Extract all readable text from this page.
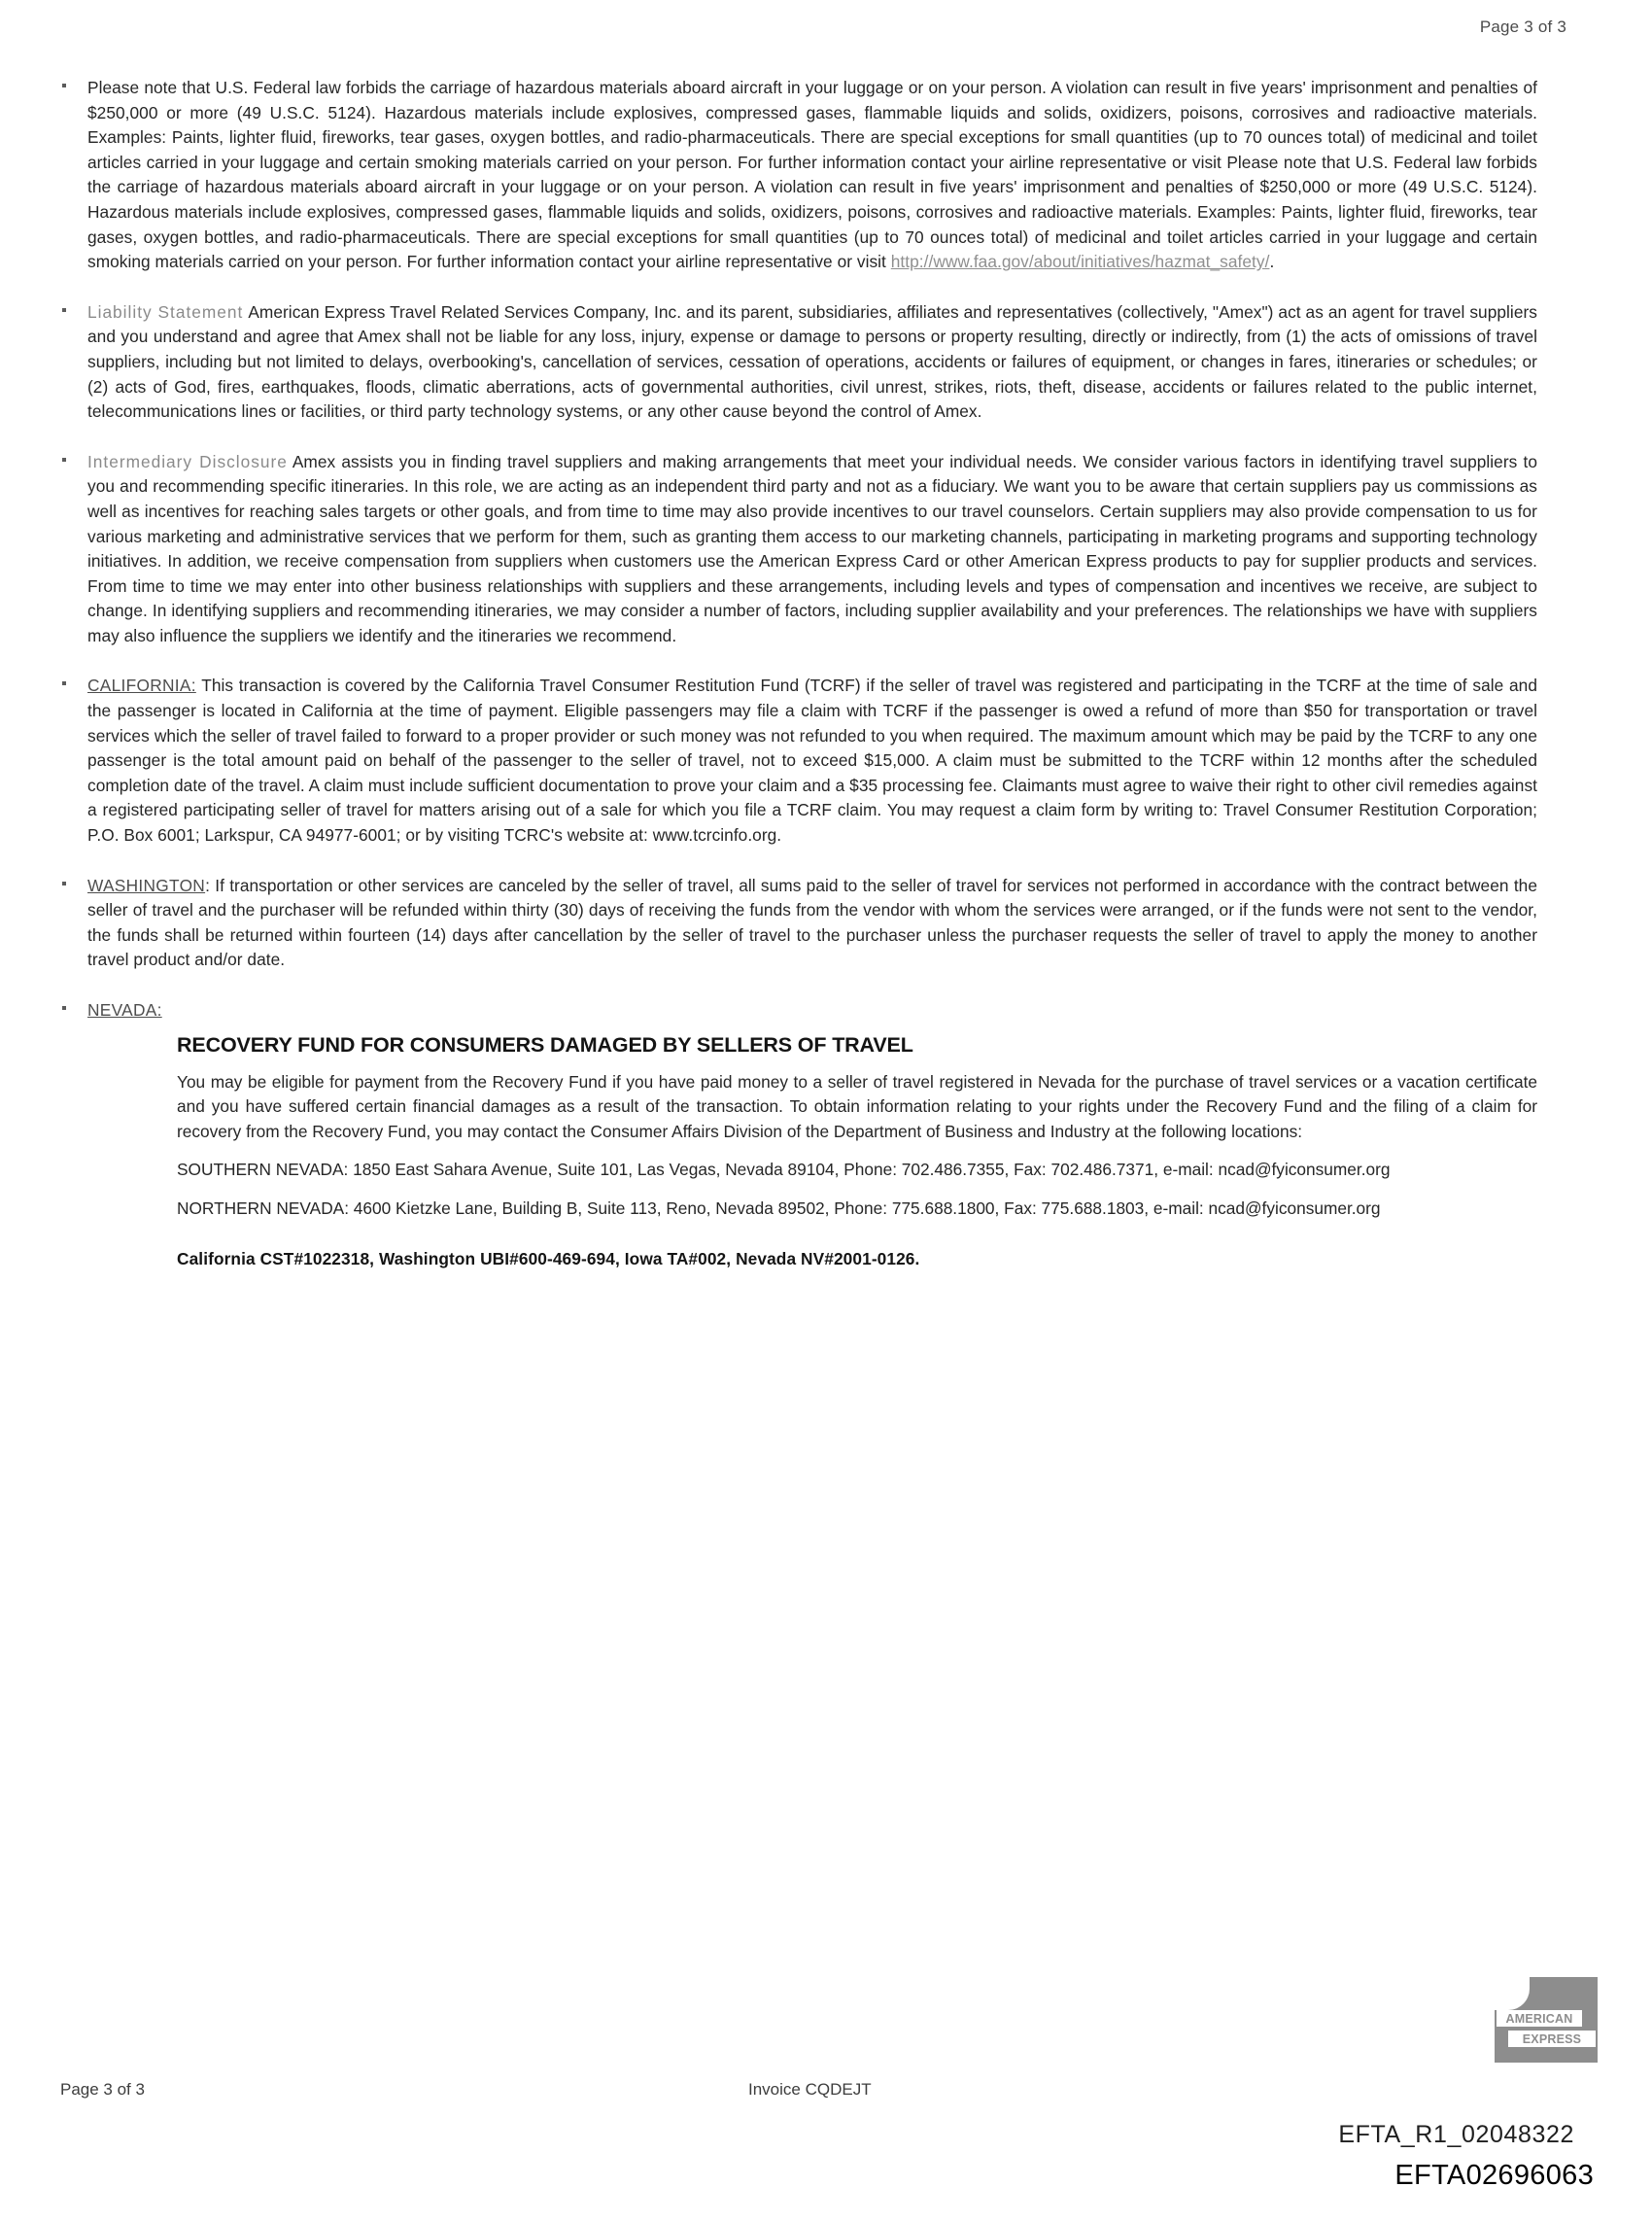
Page 3 of 3
Please note that U.S. Federal law forbids the carriage of hazardous materials aboard aircraft in your luggage or on your person. A violation can result in five years' imprisonment and penalties of $250,000 or more (49 U.S.C. 5124). Hazardous materials include explosives, compressed gases, flammable liquids and solids, oxidizers, poisons, corrosives and radioactive materials. Examples: Paints, lighter fluid, fireworks, tear gases, oxygen bottles, and radio-pharmaceuticals. There are special exceptions for small quantities (up to 70 ounces total) of medicinal and toilet articles carried in your luggage and certain smoking materials carried on your person. For further information contact your airline representative or visit Please note that U.S. Federal law forbids the carriage of hazardous materials aboard aircraft in your luggage or on your person. A violation can result in five years' imprisonment and penalties of $250,000 or more (49 U.S.C. 5124). Hazardous materials include explosives, compressed gases, flammable liquids and solids, oxidizers, poisons, corrosives and radioactive materials. Examples: Paints, lighter fluid, fireworks, tear gases, oxygen bottles, and radio-pharmaceuticals. There are special exceptions for small quantities (up to 70 ounces total) of medicinal and toilet articles carried in your luggage and certain smoking materials carried on your person. For further information contact your airline representative or visit http://www.faa.gov/about/initiatives/hazmat_safety/.
Liability Statement American Express Travel Related Services Company, Inc. and its parent, subsidiaries, affiliates and representatives (collectively, "Amex") act as an agent for travel suppliers and you understand and agree that Amex shall not be liable for any loss, injury, expense or damage to persons or property resulting, directly or indirectly, from (1) the acts of omissions of travel suppliers, including but not limited to delays, overbooking's, cancellation of services, cessation of operations, accidents or failures of equipment, or changes in fares, itineraries or schedules; or (2) acts of God, fires, earthquakes, floods, climatic aberrations, acts of governmental authorities, civil unrest, strikes, riots, theft, disease, accidents or failures related to the public internet, telecommunications lines or facilities, or third party technology systems, or any other cause beyond the control of Amex.
Intermediary Disclosure Amex assists you in finding travel suppliers and making arrangements that meet your individual needs. We consider various factors in identifying travel suppliers to you and recommending specific itineraries. In this role, we are acting as an independent third party and not as a fiduciary. We want you to be aware that certain suppliers pay us commissions as well as incentives for reaching sales targets or other goals, and from time to time may also provide incentives to our travel counselors. Certain suppliers may also provide compensation to us for various marketing and administrative services that we perform for them, such as granting them access to our marketing channels, participating in marketing programs and supporting technology initiatives. In addition, we receive compensation from suppliers when customers use the American Express Card or other American Express products to pay for supplier products and services. From time to time we may enter into other business relationships with suppliers and these arrangements, including levels and types of compensation and incentives we receive, are subject to change. In identifying suppliers and recommending itineraries, we may consider a number of factors, including supplier availability and your preferences. The relationships we have with suppliers may also influence the suppliers we identify and the itineraries we recommend.
CALIFORNIA: This transaction is covered by the California Travel Consumer Restitution Fund (TCRF) if the seller of travel was registered and participating in the TCRF at the time of sale and the passenger is located in California at the time of payment. Eligible passengers may file a claim with TCRF if the passenger is owed a refund of more than $50 for transportation or travel services which the seller of travel failed to forward to a proper provider or such money was not refunded to you when required. The maximum amount which may be paid by the TCRF to any one passenger is the total amount paid on behalf of the passenger to the seller of travel, not to exceed $15,000. A claim must be submitted to the TCRF within 12 months after the scheduled completion date of the travel. A claim must include sufficient documentation to prove your claim and a $35 processing fee. Claimants must agree to waive their right to other civil remedies against a registered participating seller of travel for matters arising out of a sale for which you file a TCRF claim. You may request a claim form by writing to: Travel Consumer Restitution Corporation; P.O. Box 6001; Larkspur, CA 94977-6001; or by visiting TCRC's website at: www.tcrcinfo.org.
WASHINGTON: If transportation or other services are canceled by the seller of travel, all sums paid to the seller of travel for services not performed in accordance with the contract between the seller of travel and the purchaser will be refunded within thirty (30) days of receiving the funds from the vendor with whom the services were arranged, or if the funds were not sent to the vendor, the funds shall be returned within fourteen (14) days after cancellation by the seller of travel to the purchaser unless the purchaser requests the seller of travel to apply the money to another travel product and/or date.
NEVADA:
RECOVERY FUND FOR CONSUMERS DAMAGED BY SELLERS OF TRAVEL
You may be eligible for payment from the Recovery Fund if you have paid money to a seller of travel registered in Nevada for the purchase of travel services or a vacation certificate and you have suffered certain financial damages as a result of the transaction. To obtain information relating to your rights under the Recovery Fund and the filing of a claim for recovery from the Recovery Fund, you may contact the Consumer Affairs Division of the Department of Business and Industry at the following locations:
SOUTHERN NEVADA: 1850 East Sahara Avenue, Suite 101, Las Vegas, Nevada 89104, Phone: 702.486.7355, Fax: 702.486.7371, e-mail: ncad@fyiconsumer.org
NORTHERN NEVADA: 4600 Kietzke Lane, Building B, Suite 113, Reno, Nevada 89502, Phone: 775.688.1800, Fax: 775.688.1803, e-mail: ncad@fyiconsumer.org
California CST#1022318, Washington UBI#600-469-694, Iowa TA#002, Nevada NV#2001-0126.
AMERICAN
EXPRESS
Page 3 of 3	Invoice CQDEJT
EFTA_R1_02048322
EFTA02696063
